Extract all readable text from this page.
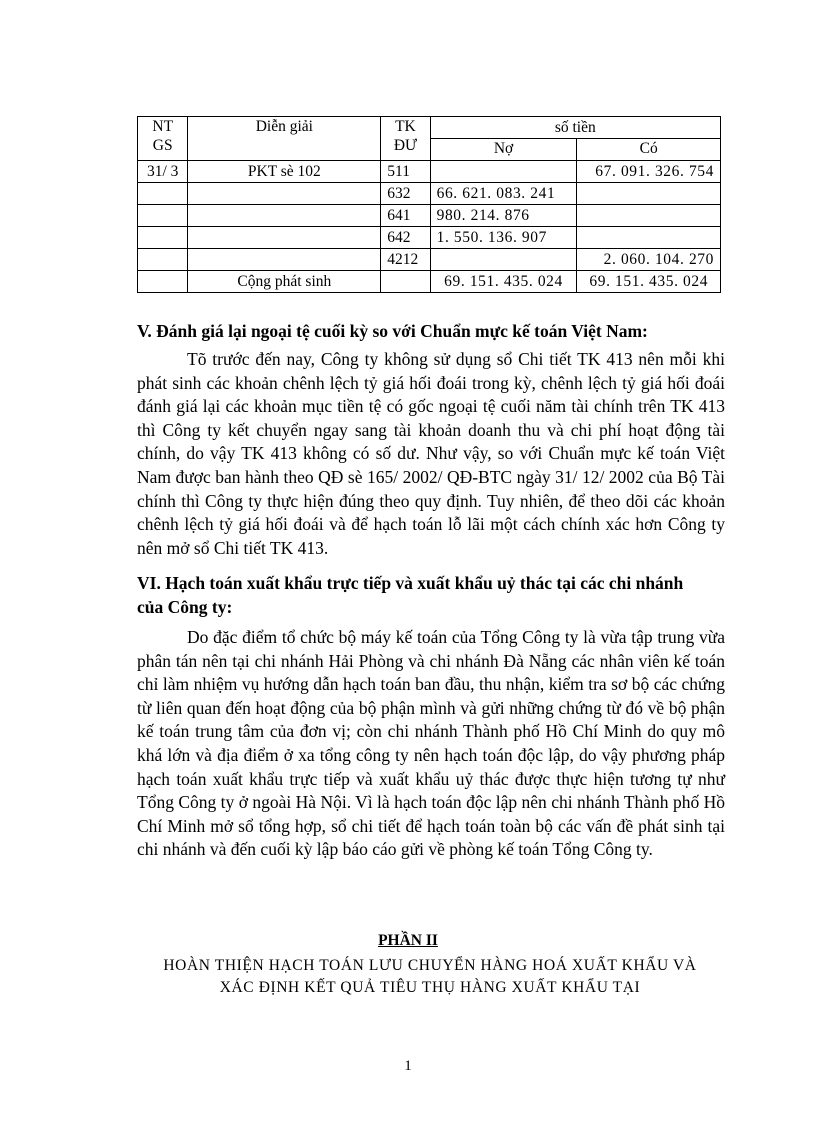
NT GS	Diễn giải	TK ĐƯ	số tiền	
			Nợ	Có
31/ 3	PKT sè 102	511		67. 091. 326. 754
		632	66. 621. 083. 241	
		641	980. 214. 876	
		642	1. 550. 136. 907	
		4212		2. 060. 104. 270
	Cộng phát sinh		69. 151. 435. 024	69. 151. 435. 024
V. Đánh giá lại ngoại tệ cuối kỳ so với Chuẩn mực kế toán Việt Nam:
Tõ trước đến nay, Công ty không sử dụng sổ Chi tiết TK 413 nên mỗi khi phát sinh các khoản chênh lệch tỷ giá hối đoái trong kỳ, chênh lệch tỷ giá hối đoái đánh giá lại các khoản mục tiền tệ có gốc ngoại tệ cuối năm tài chính trên TK 413 thì Công ty kết chuyển ngay sang tài khoản doanh thu và chi phí hoạt động tài chính, do vậy TK 413 không có số dư. Như vậy, so với Chuẩn mực kế toán Việt Nam được ban hành theo QĐ sè 165/ 2002/ QĐ-BTC ngày 31/ 12/ 2002 của Bộ Tài chính thì Công ty thực hiện đúng theo quy định. Tuy nhiên, để theo dõi các khoản chênh lệch tỷ giá hối đoái và để hạch toán lỗ lãi một cách chính xác hơn Công ty nên mở sổ Chi tiết TK 413.
VI. Hạch toán xuất khẩu trực tiếp và xuất khẩu uỷ thác tại các chi nhánh
của Công ty:
Do đặc điểm tổ chức bộ máy kế toán của Tổng Công ty là vừa tập trung vừa phân tán nên tại chi nhánh Hải Phòng và chi nhánh Đà Nẵng các nhân viên kế toán chỉ làm nhiệm vụ hướng dẫn hạch toán ban đầu, thu nhận, kiểm tra sơ bộ các chứng từ liên quan đến hoạt động của bộ phận mình và gửi những chứng từ đó về bộ phận kế toán trung tâm của đơn vị; còn chi nhánh Thành phố Hồ Chí Minh do quy mô khá lớn và địa điểm ở xa tổng công ty nên hạch toán độc lập, do vậy phương pháp hạch toán xuất khẩu trực tiếp và xuất khẩu uỷ thác được thực hiện tương tự như Tổng Công ty ở ngoài Hà Nội. Vì là hạch toán độc lập nên chi nhánh Thành phố Hồ Chí Minh mở sổ tổng hợp, sổ chi tiết để hạch toán toàn bộ các vấn đề phát sinh tại chi nhánh và đến cuối kỳ lập báo cáo gửi về phòng kế toán Tổng Công ty.
PHẦN II
HOÀN THIỆN HẠCH TOÁN LƯU CHUYỂN HÀNG HOÁ XUẤT KHẨU VÀ
XÁC ĐỊNH KẾT QUẢ TIÊU THỤ HÀNG XUẤT KHẨU TẠI
1
